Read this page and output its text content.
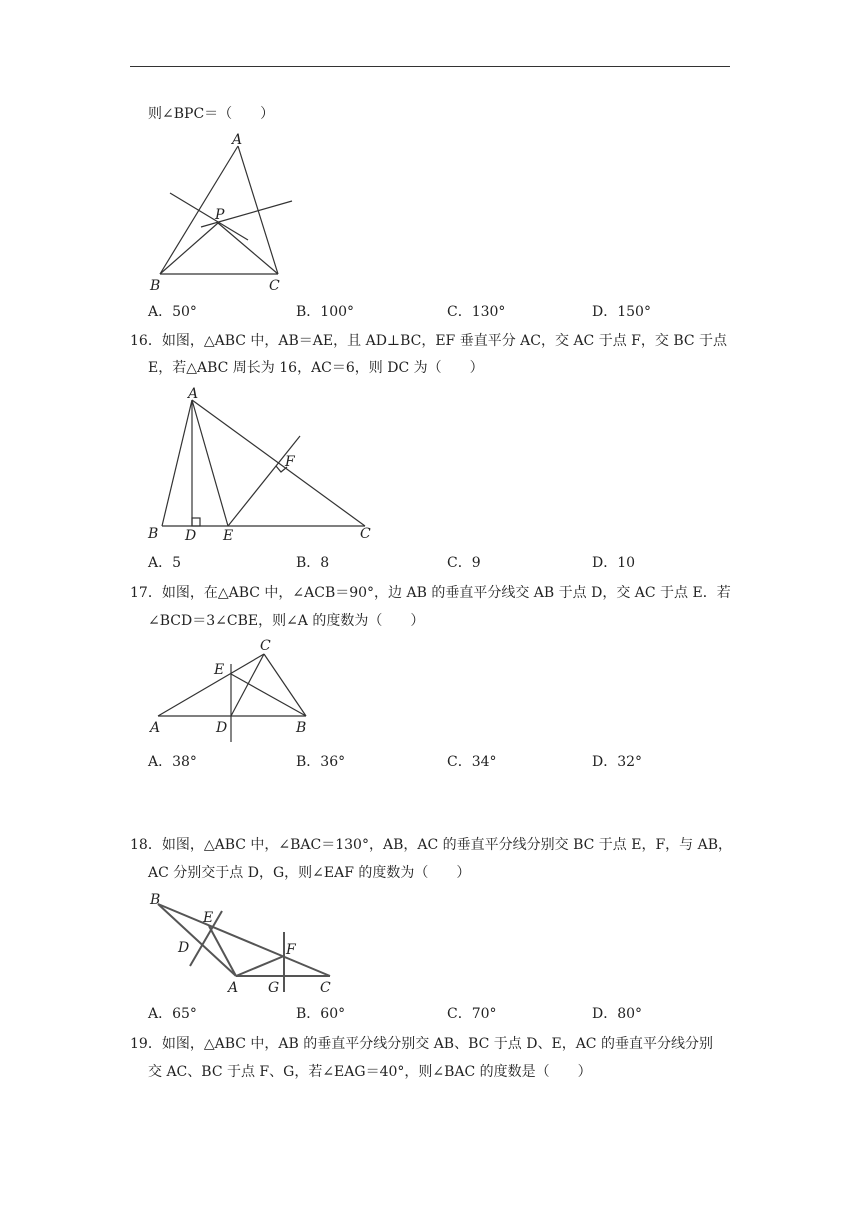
则∠BPC＝（　　）
A
P
B	C
A．50°	B．100°	C．130°	D．150°
16．如图，△ABC 中，AB＝AE，且 AD⊥BC，EF 垂直平分 AC，交 AC 于点 F，交 BC 于点
E，若△ABC 周长为 16，AC＝6，则 DC 为（　　）
A
F
B D E	C
A．5	B．8	C．9	D．10
17．如图，在△ABC 中，∠ACB＝90°，边 AB 的垂直平分线交 AB 于点 D，交 AC 于点 E．若
∠BCD＝3∠CBE，则∠A 的度数为（　　）
C
E
A	D	B
A．38°	B．36°	C．34°	D．32°
18．如图，△ABC 中，∠BAC＝130°，AB，AC 的垂直平分线分别交 BC 于点 E，F，与 AB，
AC 分别交于点 D，G，则∠EAF 的度数为（　　）
B
E
D	F
A G	C
A．65°	B．60°	C．70°	D．80°
19．如图，△ABC 中，AB 的垂直平分线分别交 AB、BC 于点 D、E，AC 的垂直平分线分别
交 AC、BC 于点 F、G，若∠EAG＝40°，则∠BAC 的度数是（　　）
